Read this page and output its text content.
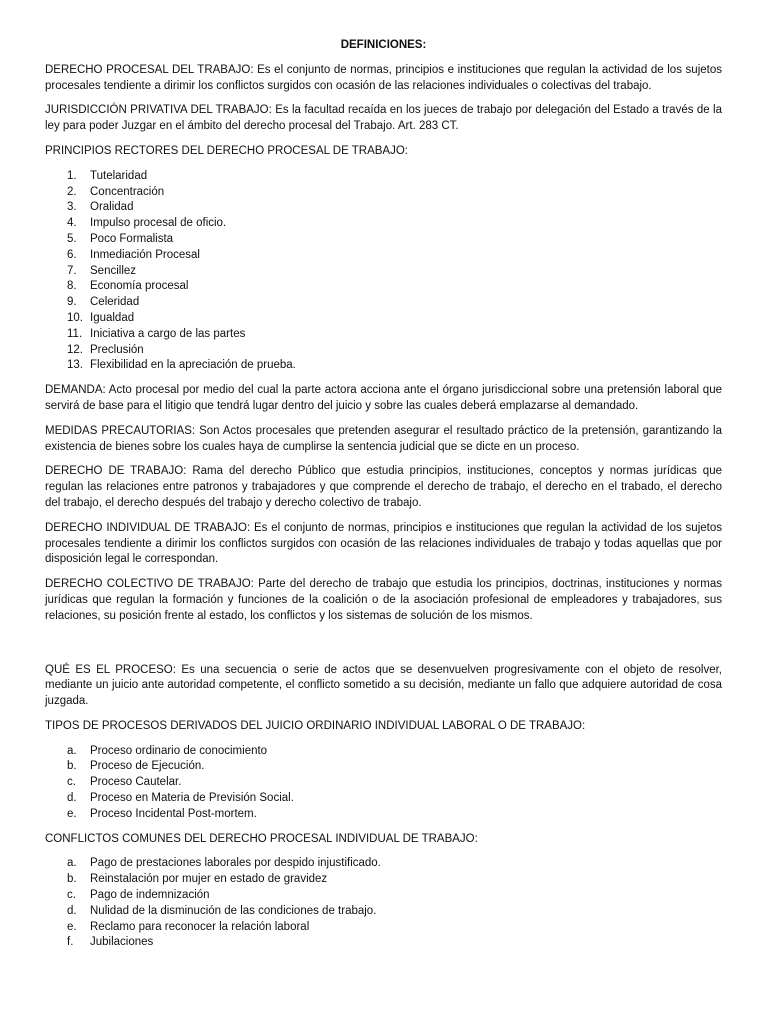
DEFINICIONES:

DERECHO PROCESAL DEL TRABAJO: Es el conjunto de normas, principios e instituciones que regulan la actividad de los sujetos procesales tendiente a dirimir los conflictos surgidos con ocasión de las relaciones individuales o colectivas del trabajo.

JURISDICCIÓN PRIVATIVA DEL TRABAJO: Es la facultad recaída en los jueces de trabajo por delegación del Estado a través de la ley para poder Juzgar en el ámbito del derecho procesal del Trabajo. Art. 283 CT.

PRINCIPIOS RECTORES DEL DERECHO PROCESAL DE TRABAJO:
1. Tutelaridad
2. Concentración
3. Oralidad
4. Impulso procesal de oficio.
5. Poco Formalista
6. Inmediación Procesal
7. Sencillez
8. Economía procesal
9. Celeridad
10. Igualdad
11. Iniciativa a cargo de las partes
12. Preclusión
13. Flexibilidad en la apreciación de prueba.

DEMANDA: Acto procesal por medio del cual la parte actora acciona ante el órgano jurisdiccional sobre una pretensión laboral que servirá de base para el litigio que tendrá lugar dentro del juicio y sobre las cuales deberá emplazarse al demandado.

MEDIDAS PRECAUTORIAS: Son Actos procesales que pretenden asegurar el resultado práctico de la pretensión, garantizando la existencia de bienes sobre los cuales haya de cumplirse la sentencia judicial que se dicte en un proceso.

DERECHO DE TRABAJO: Rama del derecho Público que estudia principios, instituciones, conceptos y normas jurídicas que regulan las relaciones entre patronos y trabajadores y que comprende el derecho de trabajo, el derecho en el trabado, el derecho del trabajo, el derecho después del trabajo y derecho colectivo de trabajo.

DERECHO INDIVIDUAL DE TRABAJO: Es el conjunto de normas, principios e instituciones que regulan la actividad de los sujetos procesales tendiente a dirimir los conflictos surgidos con ocasión de las relaciones individuales de trabajo y todas aquellas que por disposición legal le correspondan.

DERECHO COLECTIVO DE TRABAJO: Parte del derecho de trabajo que estudia los principios, doctrinas, instituciones y normas jurídicas que regulan la formación y funciones de la coalición o de la asociación profesional de empleadores y trabajadores, sus relaciones, su posición frente al estado, los conflictos y los sistemas de solución de los mismos.

QUÉ ES EL PROCESO: Es una secuencia o serie de actos que se desenvuelven progresivamente con el objeto de resolver, mediante un juicio ante autoridad competente, el conflicto sometido a su decisión, mediante un fallo que adquiere autoridad de cosa juzgada.

TIPOS DE PROCESOS DERIVADOS DEL JUICIO ORDINARIO INDIVIDUAL LABORAL O DE TRABAJO:
a. Proceso ordinario de conocimiento
b. Proceso de Ejecución.
c. Proceso Cautelar.
d. Proceso en Materia de Previsión Social.
e. Proceso Incidental Post-mortem.
CONFLICTOS COMUNES DEL DERECHO PROCESAL INDIVIDUAL DE TRABAJO:
a. Pago de prestaciones laborales por despido injustificado.
b. Reinstalación por mujer en estado de gravidez
c. Pago de indemnización
d. Nulidad de la disminución de las condiciones de trabajo.
e. Reclamo para reconocer la relación laboral
f. Jubilaciones
